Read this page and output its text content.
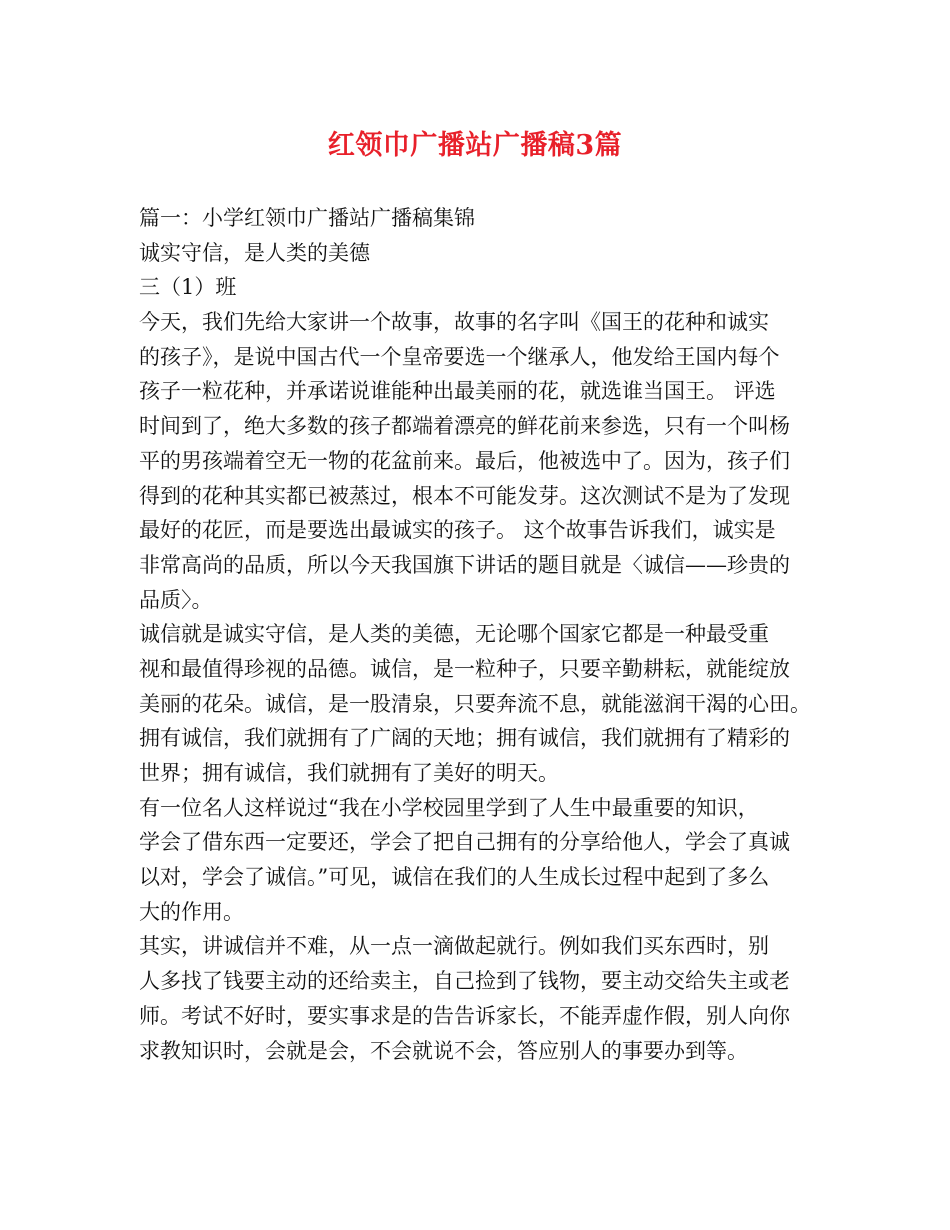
红领巾广播站广播稿3篇
篇一：小学红领巾广播站广播稿集锦
诚实守信，是人类的美德
三（1）班
今天，我们先给大家讲一个故事，故事的名字叫《国王的花种和诚实
的孩子》，是说中国古代一个皇帝要选一个继承人，他发给王国内每个
孩子一粒花种，并承诺说谁能种出最美丽的花，就选谁当国王。 评选
时间到了，绝大多数的孩子都端着漂亮的鲜花前来参选，只有一个叫杨
平的男孩端着空无一物的花盆前来。最后，他被选中了。因为，孩子们
得到的花种其实都已被蒸过，根本不可能发芽。这次测试不是为了发现
最好的花匠，而是要选出最诚实的孩子。 这个故事告诉我们，诚实是
非常高尚的品质，所以今天我国旗下讲话的题目就是〈诚信——珍贵的
品质〉。
诚信就是诚实守信，是人类的美德，无论哪个国家它都是一种最受重
视和最值得珍视的品德。诚信，是一粒种子，只要辛勤耕耘，就能绽放
美丽的花朵。诚信，是一股清泉，只要奔流不息，就能滋润干渴的心田。
拥有诚信，我们就拥有了广阔的天地；拥有诚信，我们就拥有了精彩的
世界；拥有诚信，我们就拥有了美好的明天。
有一位名人这样说过“我在小学校园里学到了人生中最重要的知识，
学会了借东西一定要还，学会了把自己拥有的分享给他人，学会了真诚
以对，学会了诚信。”可见，诚信在我们的人生成长过程中起到了多么
大的作用。
其实，讲诚信并不难，从一点一滴做起就行。例如我们买东西时，别
人多找了钱要主动的还给卖主，自己捡到了钱物，要主动交给失主或老
师。考试不好时，要实事求是的告告诉家长，不能弄虚作假，别人向你
求教知识时，会就是会，不会就说不会，答应别人的事要办到等。
